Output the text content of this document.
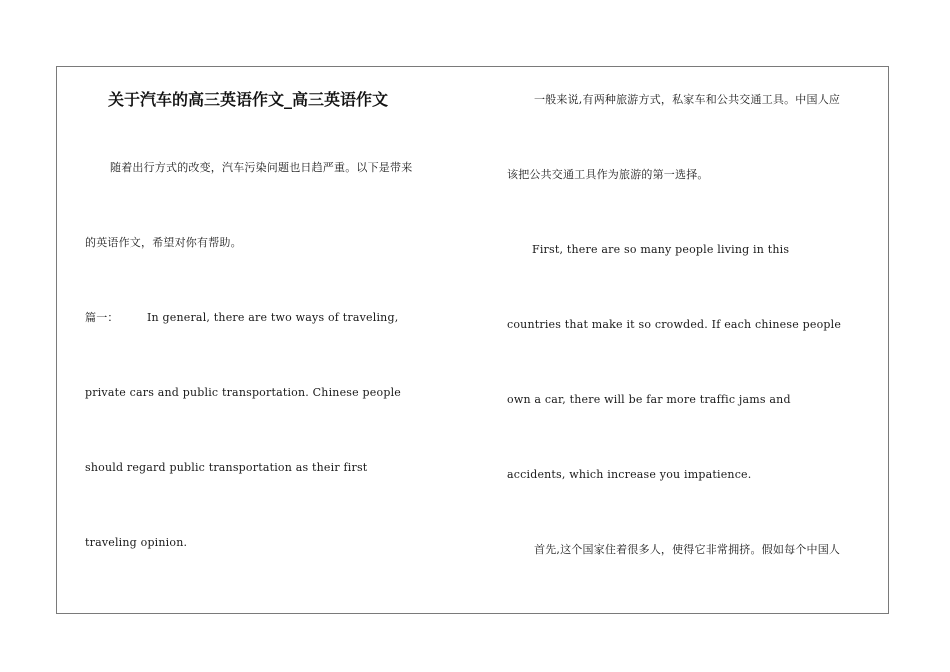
关于汽车的高三英语作文_高三英语作文
随着出行方式的改变，汽车污染问题也日趋严重。以下是带来
的英语作文，希望对你有帮助。
篇一：	In general, there are two ways of traveling,
private cars and public transportation. Chinese people
should regard public transportation as their first
traveling opinion.
一般来说,有两种旅游方式，私家车和公共交通工具。中国人应
该把公共交通工具作为旅游的第一选择。
First, there are so many people living in this
countries that make it so crowded. If each chinese people
own a car, there will be far more traffic jams and
accidents, which increase you impatience.
首先,这个国家住着很多人，使得它非常拥挤。假如每个中国人
